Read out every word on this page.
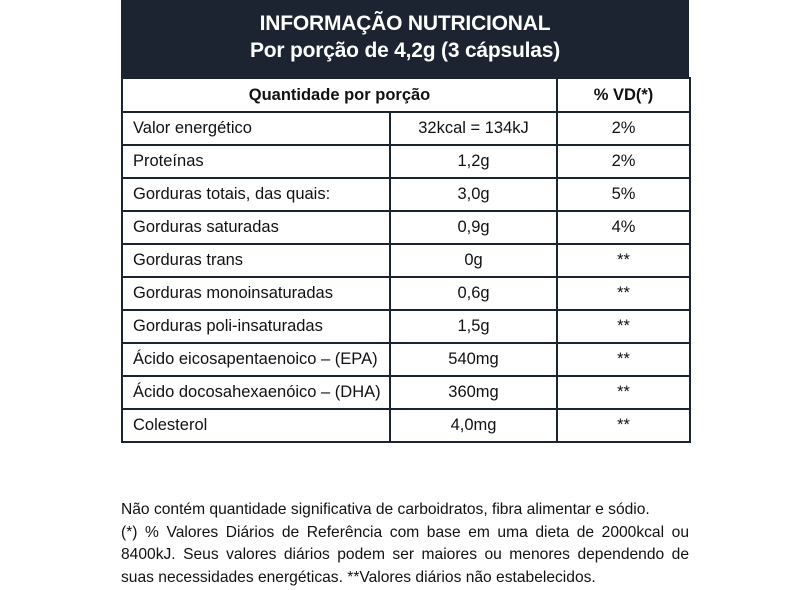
INFORMAÇÃO NUTRICIONAL
Por porção de 4,2g (3 cápsulas)
Quantidade por porção		% VD(*)
Valor energético	32kcal = 134kJ	2%
Proteínas	1,2g	2%
Gorduras totais, das quais:	3,0g	5%
Gorduras saturadas	0,9g	4%
Gorduras trans	0g	**
Gorduras monoinsaturadas	0,6g	**
Gorduras poli-insaturadas	1,5g	**
Ácido eicosapentaenoico – (EPA)	540mg	**
Ácido docosahexaenóico – (DHA)	360mg	**
Colesterol	4,0mg	**

Não contém quantidade significativa de carboidratos, fibra alimentar e sódio.

(*) % Valores Diários de Referência com base em uma dieta de 2000kcal ou 8400kJ. Seus valores diários podem ser maiores ou menores dependendo de suas necessidades energéticas. **Valores diários não estabelecidos.
